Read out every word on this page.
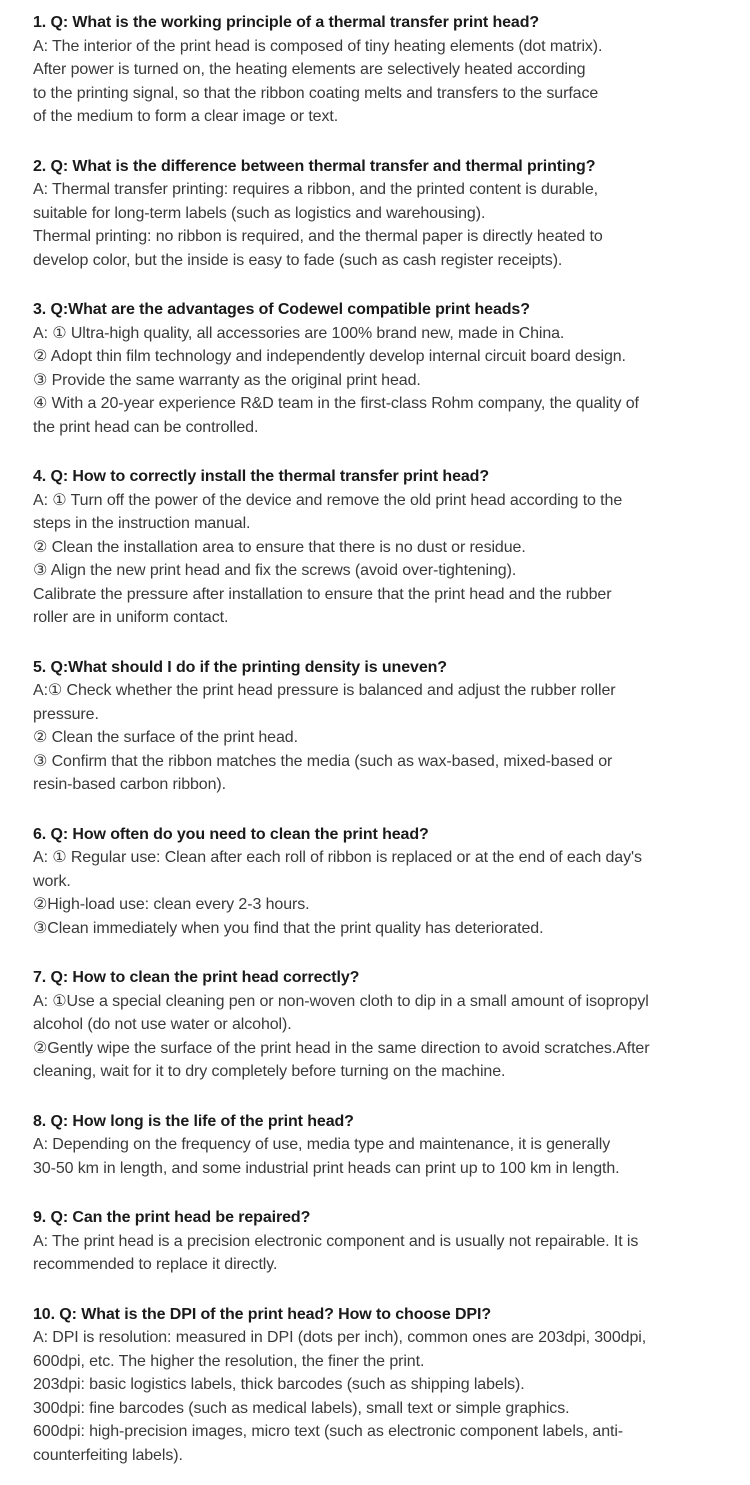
1. Q: What is the working principle of a thermal transfer print head?
A: The interior of the print head is composed of tiny heating elements (dot matrix).
After power is turned on, the heating elements are selectively heated according
to the printing signal, so that the ribbon coating melts and transfers to the surface
of the medium to form a clear image or text.
2. Q: What is the difference between thermal transfer and thermal printing?
A: Thermal transfer printing: requires a ribbon, and the printed content is durable,
suitable for long-term labels (such as logistics and warehousing).
Thermal printing: no ribbon is required, and the thermal paper is directly heated to
develop color, but the inside is easy to fade (such as cash register receipts).
3. Q:What are the advantages of Codewel compatible print heads?
A: ① Ultra-high quality, all accessories are 100% brand new, made in China.
② Adopt thin film technology and independently develop internal circuit board design.
③ Provide the same warranty as the original print head.
④ With a 20-year experience R&D team in the first-class Rohm company, the quality of
the print head can be controlled.
4. Q: How to correctly install the thermal transfer print head?
A: ① Turn off the power of the device and remove the old print head according to the
steps in the instruction manual.
② Clean the installation area to ensure that there is no dust or residue.
③ Align the new print head and fix the screws (avoid over-tightening).
Calibrate the pressure after installation to ensure that the print head and the rubber
roller are in uniform contact.
5. Q:What should I do if the printing density is uneven?
A:① Check whether the print head pressure is balanced and adjust the rubber roller
pressure.
② Clean the surface of the print head.
③ Confirm that the ribbon matches the media (such as wax-based, mixed-based or
resin-based carbon ribbon).
6. Q: How often do you need to clean the print head?
A: ① Regular use: Clean after each roll of ribbon is replaced or at the end of each day's
work.
②High-load use: clean every 2-3 hours.
③Clean immediately when you find that the print quality has deteriorated.
7. Q: How to clean the print head correctly?
A: ①Use a special cleaning pen or non-woven cloth to dip in a small amount of isopropyl
alcohol (do not use water or alcohol).
②Gently wipe the surface of the print head in the same direction to avoid scratches.After
cleaning, wait for it to dry completely before turning on the machine.
8. Q: How long is the life of the print head?
A: Depending on the frequency of use, media type and maintenance, it is generally
30-50 km in length, and some industrial print heads can print up to 100 km in length.
9. Q: Can the print head be repaired?
A: The print head is a precision electronic component and is usually not repairable. It is
recommended to replace it directly.
10. Q: What is the DPI of the print head? How to choose DPI?
A: DPI is resolution: measured in DPI (dots per inch), common ones are 203dpi, 300dpi,
600dpi, etc. The higher the resolution, the finer the print.
203dpi: basic logistics labels, thick barcodes (such as shipping labels).
300dpi: fine barcodes (such as medical labels), small text or simple graphics.
600dpi: high-precision images, micro text (such as electronic component labels, anti-
counterfeiting labels).
